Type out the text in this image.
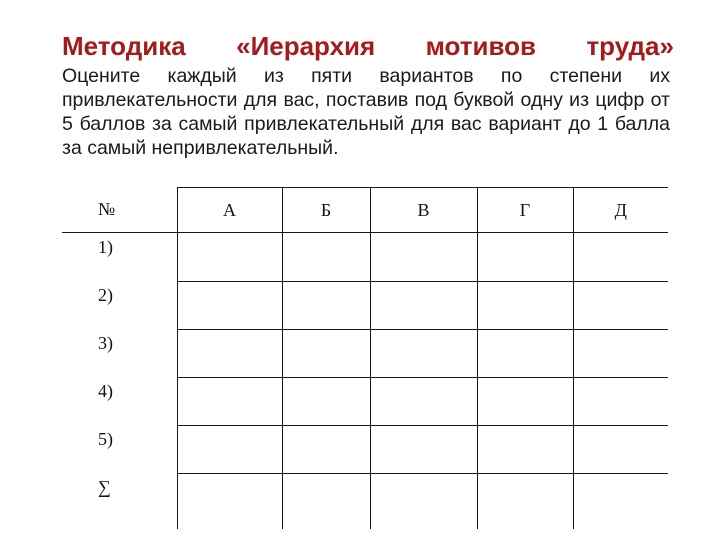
Методика «Иерархия мотивов труда»
Оцените каждый из пяти вариантов по степени их привлекательности для вас, поставив под буквой одну из цифр от 5 баллов за самый привлекательный для вас вариант до 1 балла за самый непривлекательный.
№	А	Б	В	Г	Д
1)					
2)					
3)					
4)					
5)					
∑					
